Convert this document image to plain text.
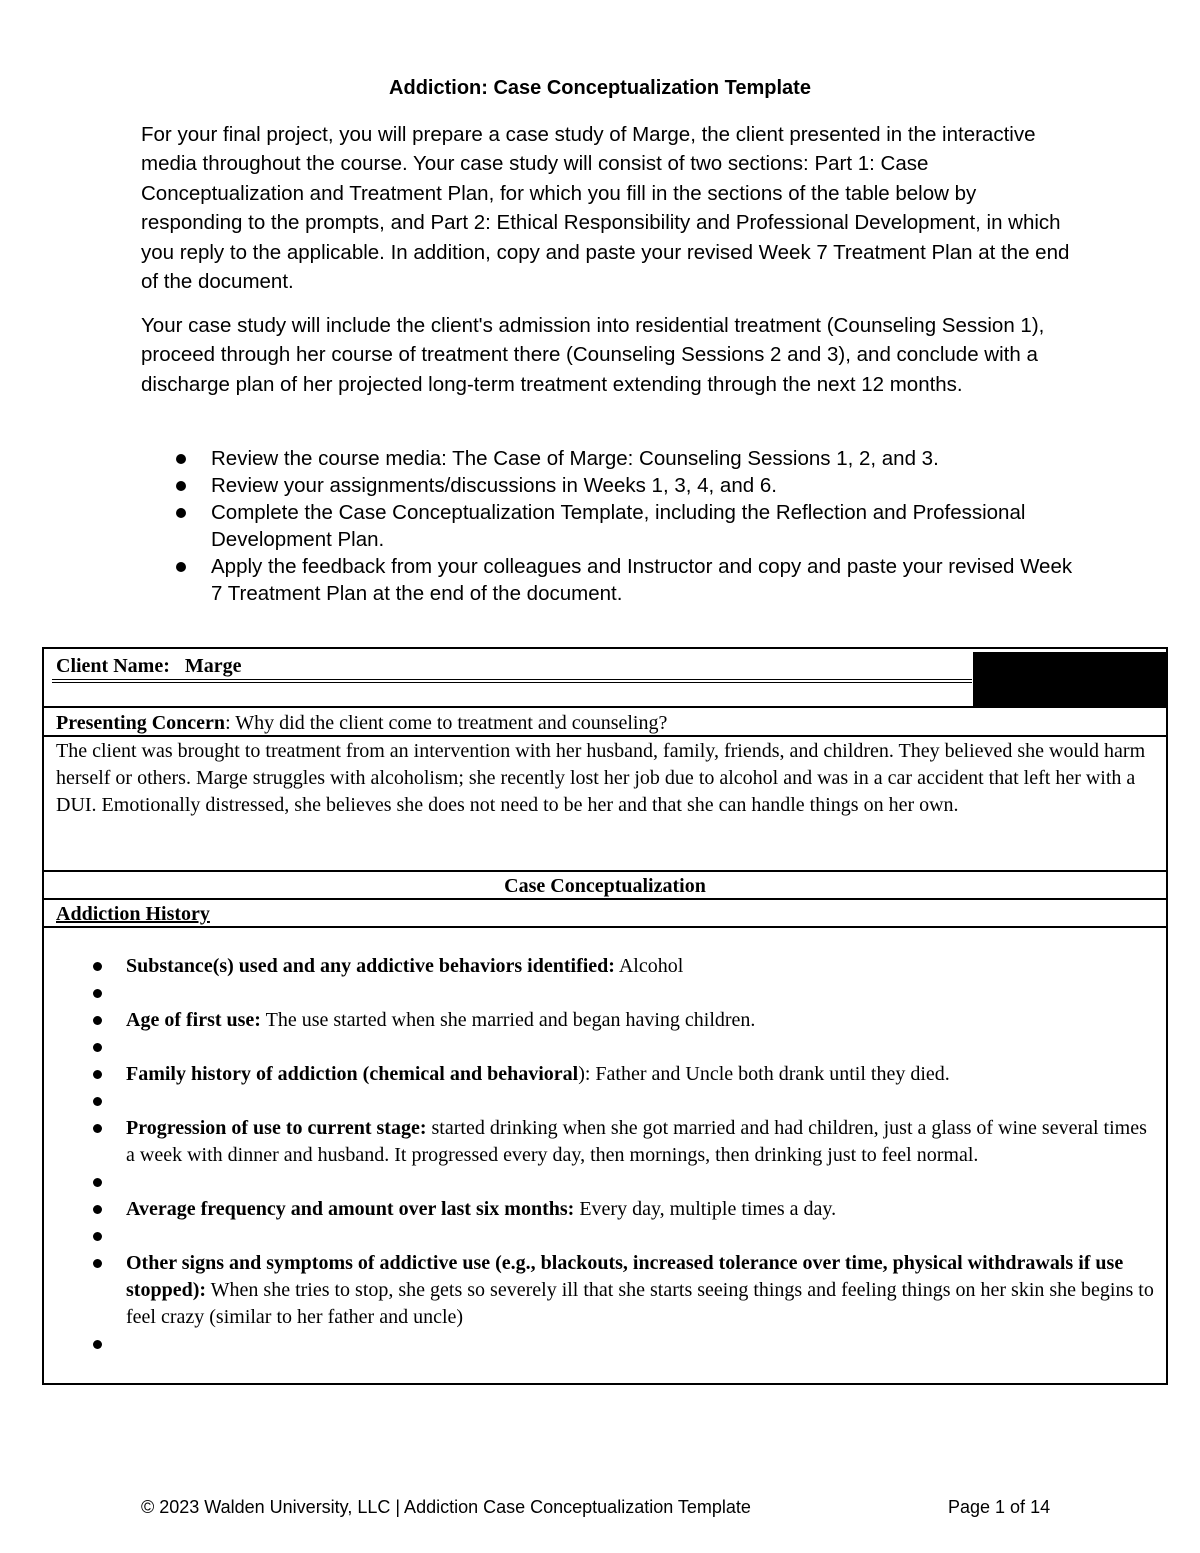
Addiction: Case Conceptualization Template

For your final project, you will prepare a case study of Marge, the client presented in the interactive media throughout the course. Your case study will consist of two sections: Part 1: Case Conceptualization and Treatment Plan, for which you fill in the sections of the table below by responding to the prompts, and Part 2: Ethical Responsibility and Professional Development, in which you reply to the applicable. In addition, copy and paste your revised Week 7 Treatment Plan at the end of the document.

Your case study will include the client's admission into residential treatment (Counseling Session 1), proceed through her course of treatment there (Counseling Sessions 2 and 3), and conclude with a discharge plan of her projected long-term treatment extending through the next 12 months.

Review the course media: The Case of Marge: Counseling Sessions 1, 2, and 3.
Review your assignments/discussions in Weeks 1, 3, 4, and 6.
Complete the Case Conceptualization Template, including the Reflection and Professional Development Plan.
Apply the feedback from your colleagues and Instructor and copy and paste your revised Week 7 Treatment Plan at the end of the document.
Client Name: Marge
Presenting Concern: Why did the client come to treatment and counseling?
The client was brought to treatment from an intervention with her husband, family, friends, and children. They believed she would harm herself or others. Marge struggles with alcoholism; she recently lost her job due to alcohol and was in a car accident that left her with a DUI. Emotionally distressed, she believes she does not need to be her and that she can handle things on her own.
Case Conceptualization
Addiction History
Substance(s) used and any addictive behaviors identified: Alcohol
Age of first use: The use started when she married and began having children.
Family history of addiction (chemical and behavioral): Father and Uncle both drank until they died.
Progression of use to current stage: started drinking when she got married and had children, just a glass of wine several times a week with dinner and husband. It progressed every day, then mornings, then drinking just to feel normal.
Average frequency and amount over last six months: Every day, multiple times a day.
Other signs and symptoms of addictive use (e.g., blackouts, increased tolerance over time, physical withdrawals if use stopped): When she tries to stop, she gets so severely ill that she starts seeing things and feeling things on her skin she begins to feel crazy (similar to her father and uncle)
© 2023 Walden University, LLC | Addiction Case Conceptualization Template	Page 1 of 14
